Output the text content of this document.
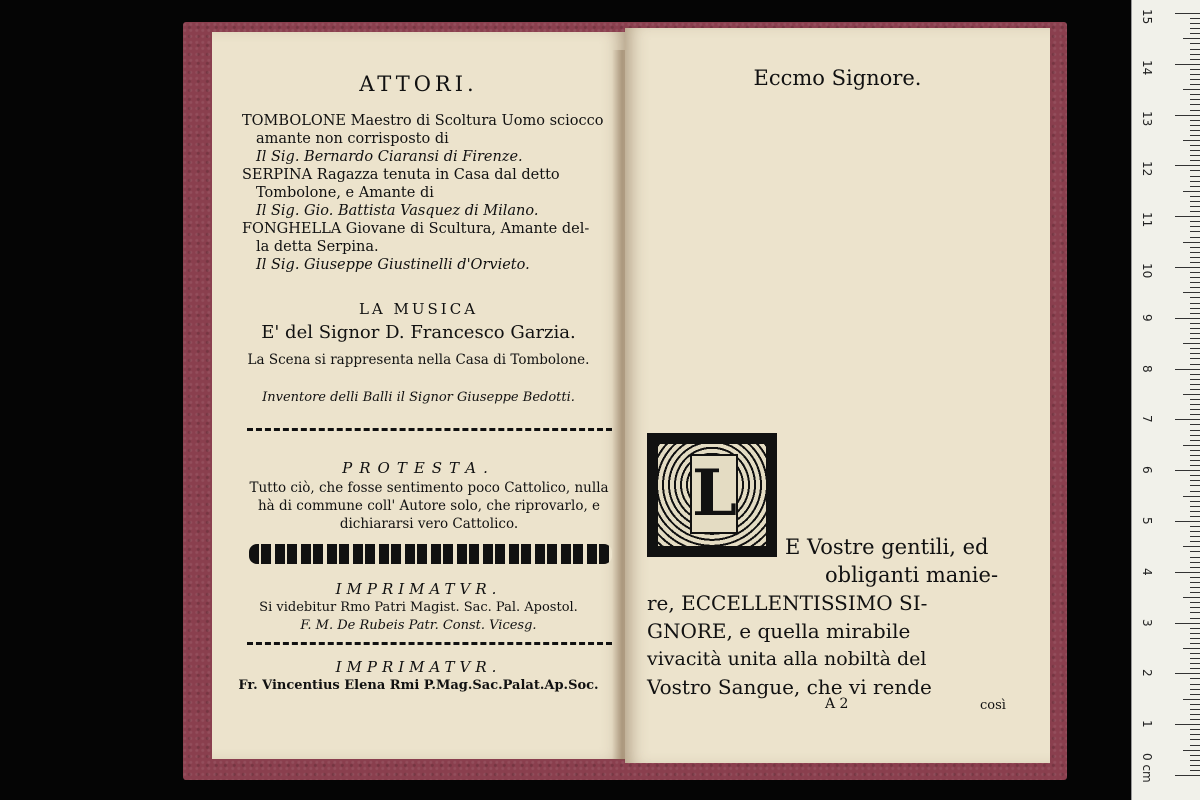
ATTORI.
TOMBOLONE Maestro di Scoltura Uomo sciocco
amante non corrisposto di
Il Sig. Bernardo Ciaransi di Firenze.
SERPINA Ragazza tenuta in Casa dal detto
Tombolone, e Amante di
Il Sig. Gio. Battista Vasquez di Milano.
FONGHELLA Giovane di Scultura, Amante del-
la detta Serpina.
Il Sig. Giuseppe Giustinelli d'Orvieto.
LA MUSICA
E' del Signor D. Francesco Garzia.
La Scena si rappresenta nella Casa di Tombolone.
Inventore delli Balli il Signor Giuseppe Bedotti.
PROTESTA.
Tutto ciò, che fosse sentimento poco Cattolico, nulla hà di commune coll' Autore solo, che riprovarlo, e dichiararsi vero Cattolico.
IMPRIMATVR.
Si videbitur Rmo Patri Magist. Sac. Pal. Apostol.
F. M. De Rubeis Patr. Const. Vicesg.
IMPRIMATVR.
Fr. Vincentius Elena Rmi P.Mag.Sac.Palat.Ap.Soc.
Eccmo Signore.
L
E Vostre gentili, ed
obliganti manie-
re, ECCELLENTISSIMO SI-
GNORE, e quella mirabile
vivacità unita alla nobiltà del
Vostro Sangue, che vi rende
A 2	così
0 cm
1
2
3
4
5
6
7
8
9
10
11
12
13
14
15
